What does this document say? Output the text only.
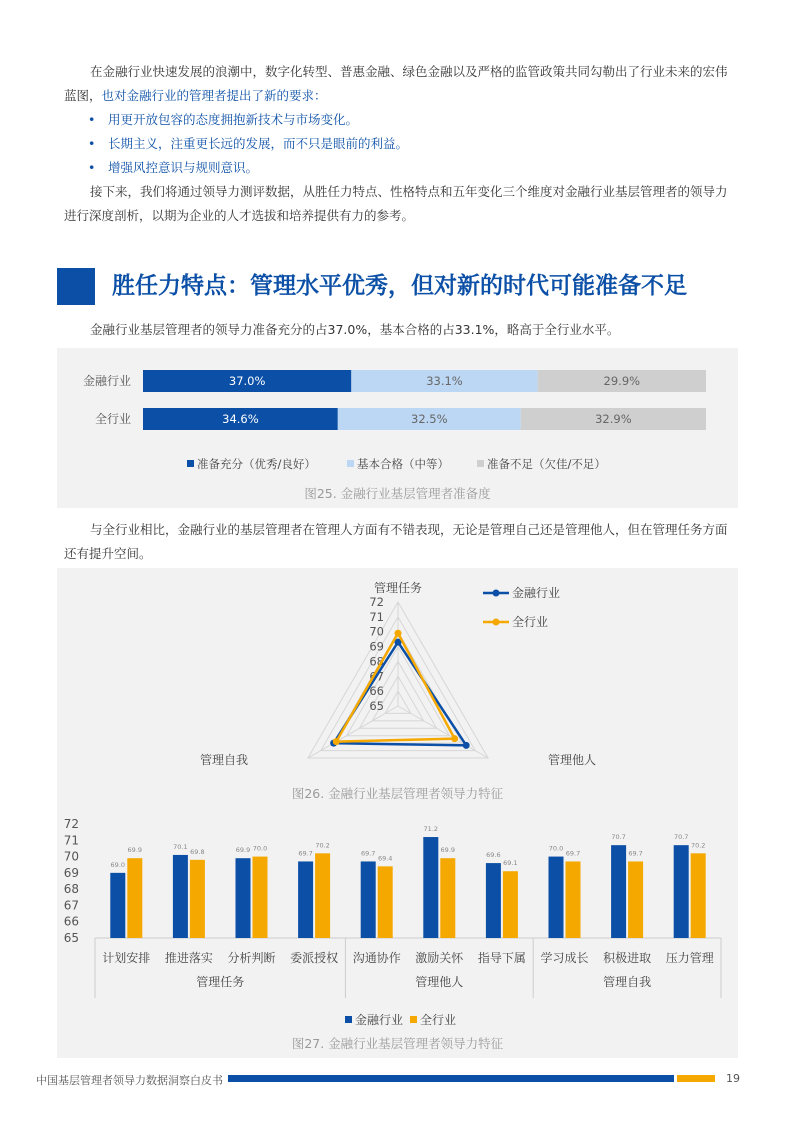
在金融行业快速发展的浪潮中，数字化转型、普惠金融、绿色金融以及严格的监管政策共同勾勒出了行业未来的宏伟蓝图，也对金融行业的管理者提出了新的要求：

• 用更开放包容的态度拥抱新技术与市场变化。
• 长期主义，注重更长远的发展，而不只是眼前的利益。
• 增强风控意识与规则意识。

接下来，我们将通过领导力测评数据，从胜任力特点、性格特点和五年变化三个维度对金融行业基层管理者的领导力进行深度剖析，以期为企业的人才选拔和培养提供有力的参考。

胜任力特点：管理水平优秀，但对新的时代可能准备不足

金融行业基层管理者的领导力准备充分的占37.0%，基本合格的占33.1%，略高于全行业水平。

金融行业	37.0%	33.1%	29.9%
全行业	34.6%	32.5%	32.9%
准备充分（优秀/良好）	基本合格（中等）	准备不足（欠佳/不足）
图25. 金融行业基层管理者准备度

与全行业相比，金融行业的基层管理者在管理人方面有不错表现，无论是管理自己还是管理他人，但在管理任务方面还有提升空间。

72
71
70
69
68
67
66
65
管理任务
管理他人
管理自我
金融行业
全行业
图26. 金融行业基层管理者领导力特征
72
71
70
69
68
67
66
65
69.0
69.9
计划安排
70.1
69.8
推进落实
69.9 70.0
分析判断
69.7
70.2
委派授权
69.7
69.4
沟通协作
71.2
69.9
激励关怀
69.6
69.1
指导下属
70.0
69.7
学习成长
70.7
69.7
积极进取
70.7
70.2
压力管理
管理任务	管理他人	管理自我
金融行业 全行业
图27. 金融行业基层管理者领导力特征
中国基层管理者领导力数据洞察白皮书	19
